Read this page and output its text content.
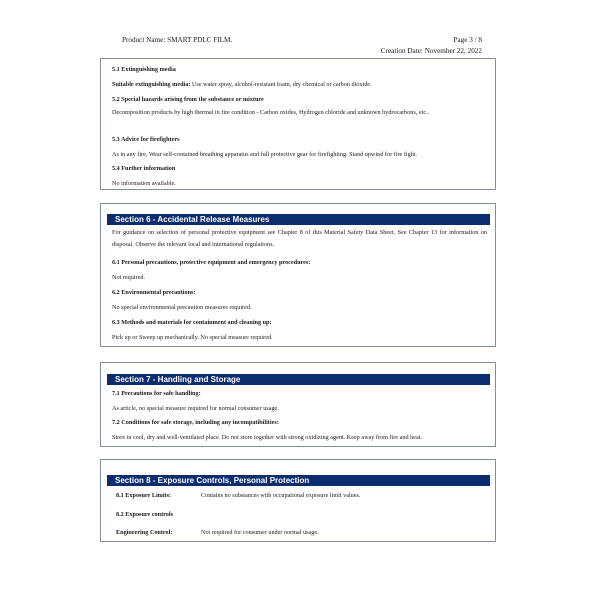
Product Name: SMART PDLC FILM.	Page 3 / 8
Creation Date: November 22, 2022
5.1 Extinguishing media
Suitable extinguishing media: Use water spray, alcohol-resistant foam, dry chemical or carbon dioxide.
5.2 Special hazards arising from the substance or mixture
Decomposition products by high thermal in fire condition - Carbon oxides, Hydrogen chloride and unknown hydrocarbons, etc..
5.3 Advice for firefighters
As in any fire, Wear self-contained breathing apparatus and full protective gear for firefighting. Stand upwind for fire fight.
5.4 Further information
No information available.
Section 6 - Accidental Release Measures
For guidance on selection of personal protective equipment see Chapter 8 of this Material Safety Data Sheet. See Chapter 13 for information on disposal. Observe the relevant local and international regulations.
6.1 Personal precautions, protective equipment and emergency procedures:
Not required.
6.2 Environmental precautions:
No special environmental precaution measures required.
6.3 Methods and materials for containment and cleaning up:
Pick up or Sweep up mechanically. No special measure required.
Section 7 - Handling and Storage
7.1 Precautions for safe handling:
As article, no special measure required for normal consumer usage.
7.2 Conditions for safe storage, including any incompatibilities:
Store in cool, dry and well-ventilated place. Do not store together with strong oxidizing agent. Keep away from fire and heat.
Section 8 - Exposure Controls, Personal Protection
8.1 Exposure Limits:	Contains no substances with occupational exposure limit values.
8.2 Exposure controls
Engineering Control:	Not required for consumer under normal usage.
